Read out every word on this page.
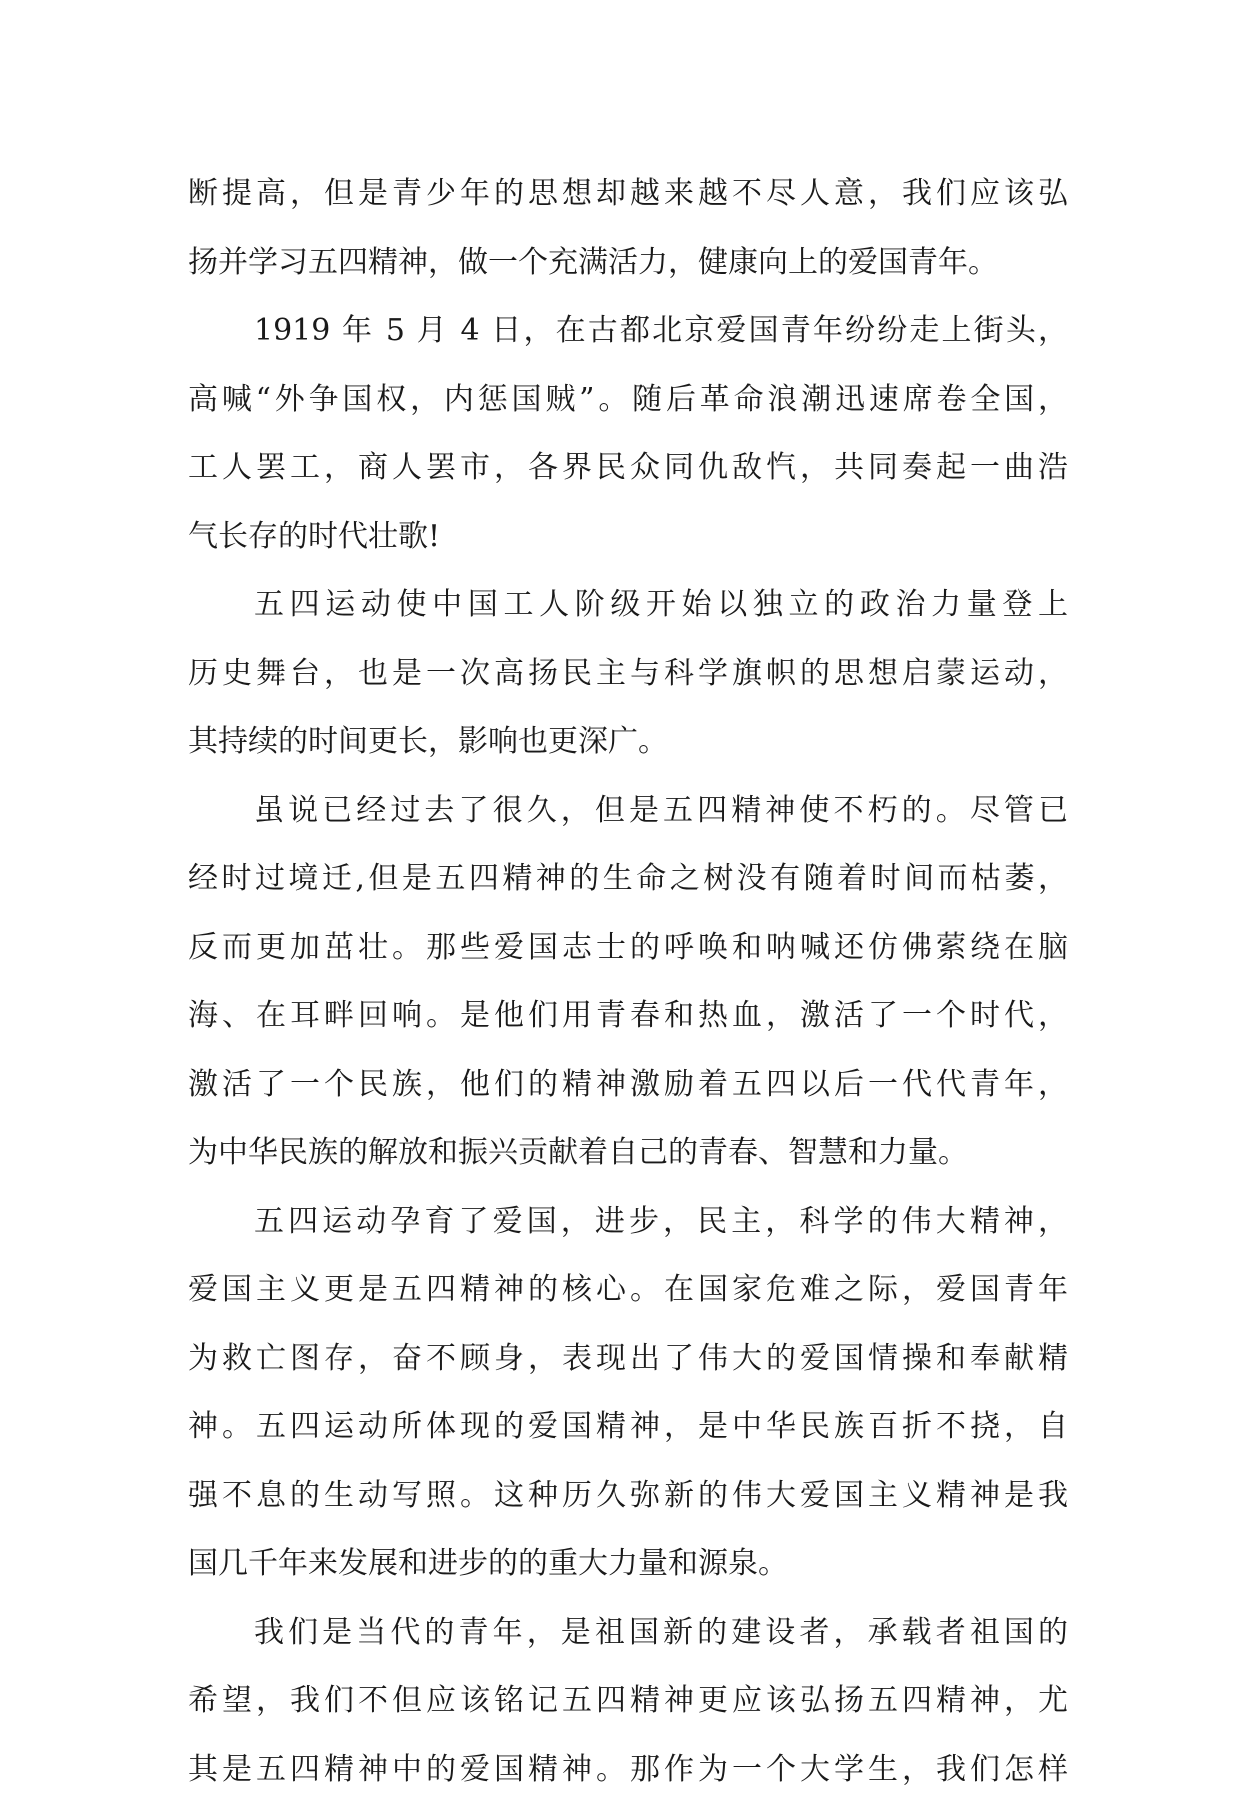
断提高，但是青少年的思想却越来越不尽人意，我们应该弘
扬并学习五四精神，做一个充满活力，健康向上的爱国青年。
1919 年 5 月 4 日，在古都北京爱国青年纷纷走上街头，
高喊“外争国权，内惩国贼”。随后革命浪潮迅速席卷全国，
工人罢工，商人罢市，各界民众同仇敌忾，共同奏起一曲浩
气长存的时代壮歌!
五四运动使中国工人阶级开始以独立的政治力量登上
历史舞台，也是一次高扬民主与科学旗帜的思想启蒙运动，
其持续的时间更长，影响也更深广。
虽说已经过去了很久，但是五四精神使不朽的。尽管已
经时过境迁,但是五四精神的生命之树没有随着时间而枯萎，
反而更加茁壮。那些爱国志士的呼唤和呐喊还仿佛萦绕在脑
海、在耳畔回响。是他们用青春和热血，激活了一个时代，
激活了一个民族，他们的精神激励着五四以后一代代青年，
为中华民族的解放和振兴贡献着自己的青春、智慧和力量。
五四运动孕育了爱国，进步，民主，科学的伟大精神，
爱国主义更是五四精神的核心。在国家危难之际，爱国青年
为救亡图存，奋不顾身，表现出了伟大的爱国情操和奉献精
神。五四运动所体现的爱国精神，是中华民族百折不挠，自
强不息的生动写照。这种历久弥新的伟大爱国主义精神是我
国几千年来发展和进步的的重大力量和源泉。
我们是当代的青年，是祖国新的建设者，承载者祖国的
希望，我们不但应该铭记五四精神更应该弘扬五四精神，尤
其是五四精神中的爱国精神。那作为一个大学生，我们怎样
